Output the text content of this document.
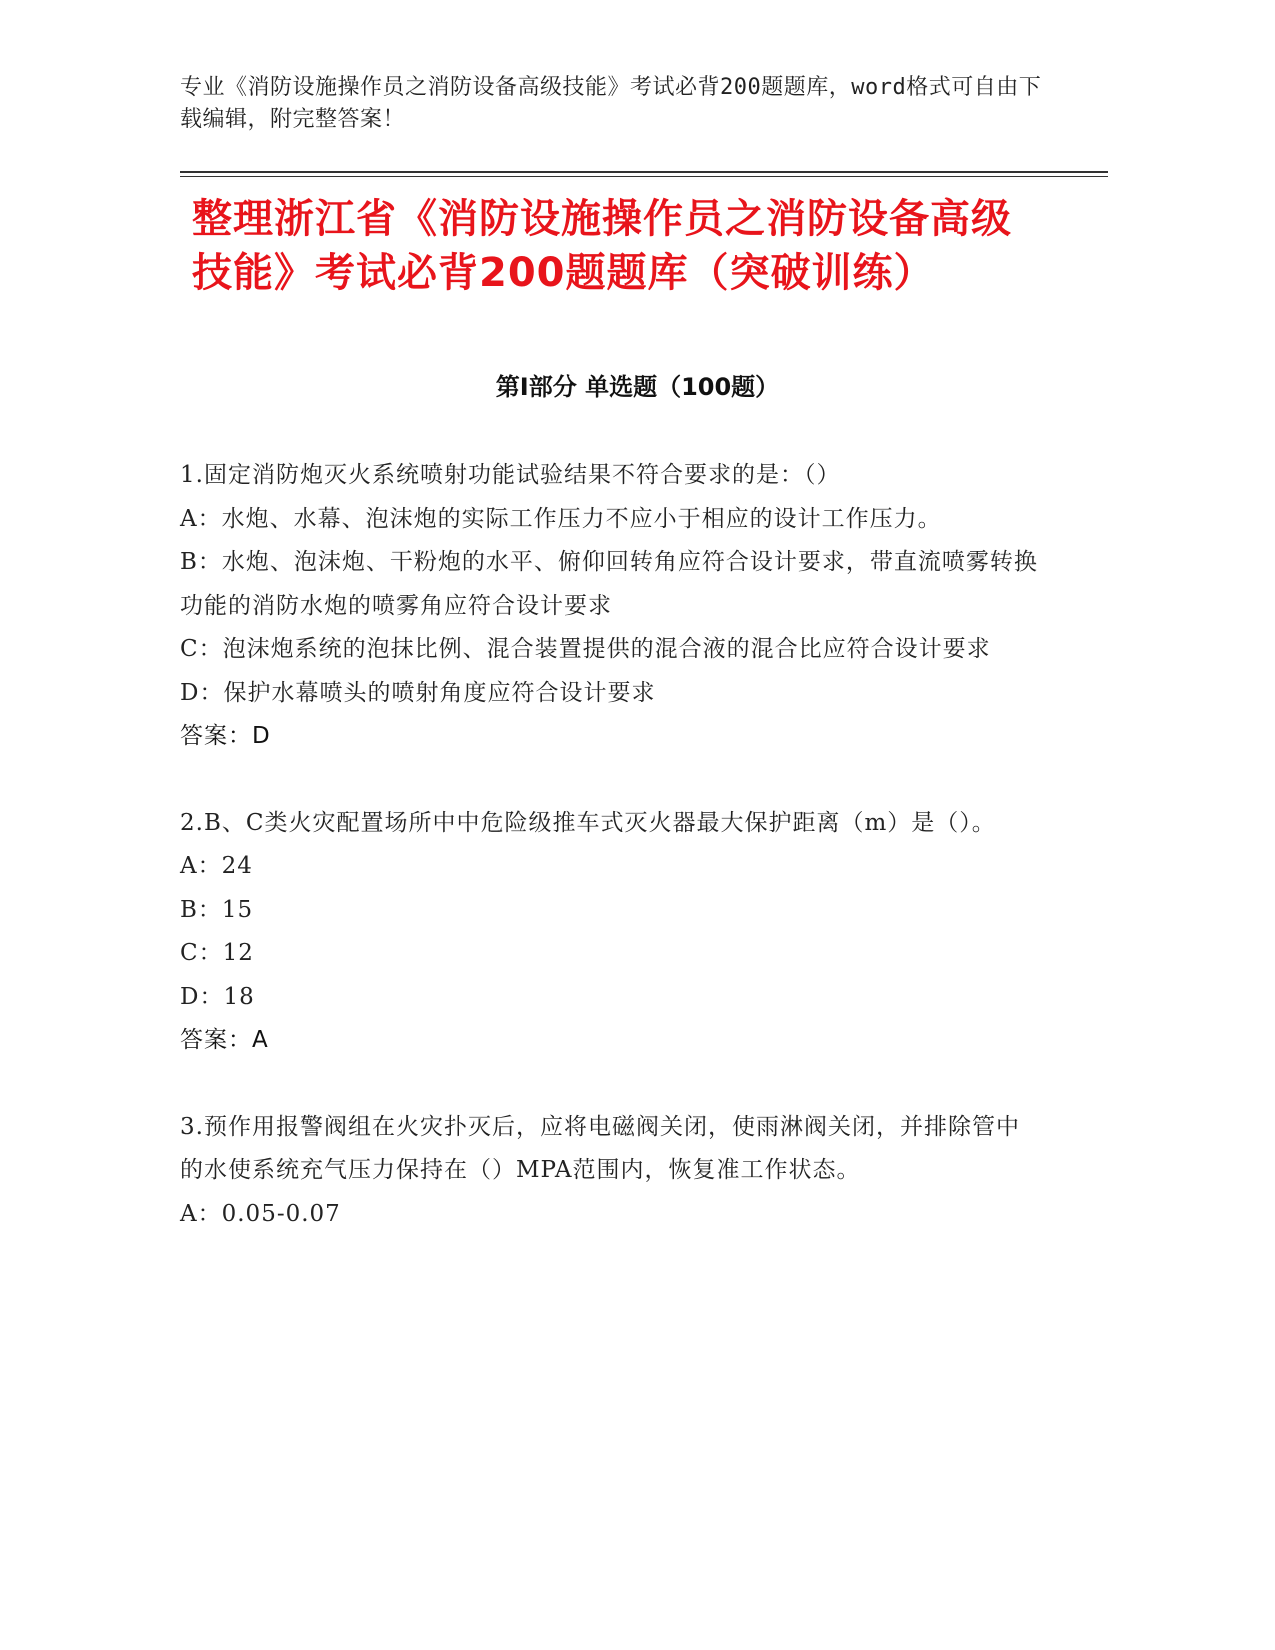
专业《消防设施操作员之消防设备高级技能》考试必背200题题库，word格式可自由下载编辑，附完整答案！
整理浙江省《消防设施操作员之消防设备高级技能》考试必背200题题库（突破训练）
第Ⅰ部分 单选题（100题）
1.固定消防炮灭火系统喷射功能试验结果不符合要求的是：（）
A：水炮、水幕、泡沫炮的实际工作压力不应小于相应的设计工作压力。
B：水炮、泡沫炮、干粉炮的水平、俯仰回转角应符合设计要求，带直流喷雾转换功能的消防水炮的喷雾角应符合设计要求
C：泡沫炮系统的泡抹比例、混合装置提供的混合液的混合比应符合设计要求
D：保护水幕喷头的喷射角度应符合设计要求
答案：D
2.B、C类火灾配置场所中中危险级推车式灭火器最大保护距离（m）是（）。
A：24
B：15
C：12
D：18
答案：A
3.预作用报警阀组在火灾扑灭后，应将电磁阀关闭，使雨淋阀关闭，并排除管中的水使系统充气压力保持在（）MPA范围内，恢复准工作状态。
A：0.05-0.07
